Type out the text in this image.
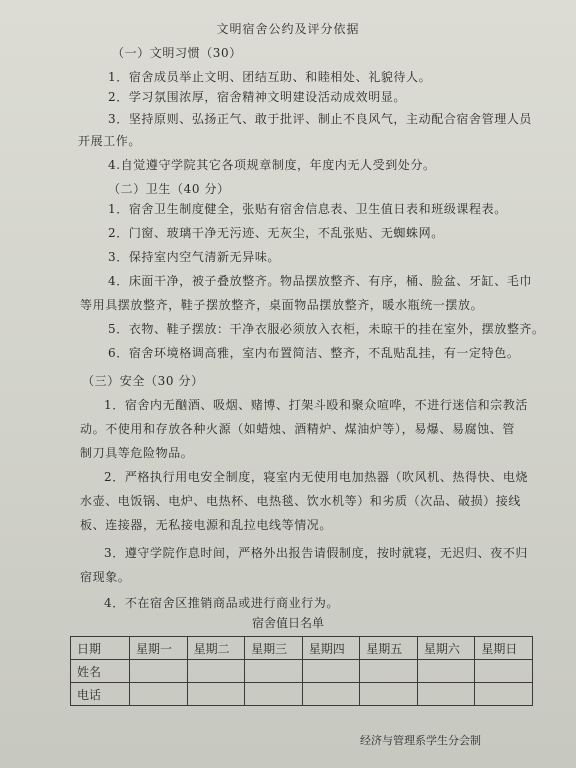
文明宿舍公约及评分依据
（一）文明习惯（30）
1．宿舍成员举止文明、团结互助、和睦相处、礼貌待人。
2．学习氛围浓厚，宿舍精神文明建设活动成效明显。
3．坚持原则、弘扬正气、敢于批评、制止不良风气，主动配合宿舍管理人员
开展工作。
4.自觉遵守学院其它各项规章制度，年度内无人受到处分。
（二）卫生（40 分）
1．宿舍卫生制度健全，张贴有宿舍信息表、卫生值日表和班级课程表。
2．门窗、玻璃干净无污迹、无灰尘，不乱张贴、无蜘蛛网。
3．保持室内空气清新无异味。
4．床面干净，被子叠放整齐。物品摆放整齐、有序，桶、脸盆、牙缸、毛巾
等用具摆放整齐，鞋子摆放整齐，桌面物品摆放整齐，暖水瓶统一摆放。
5．衣物、鞋子摆放：干净衣服必须放入衣柜，未晾干的挂在室外，摆放整齐。
6．宿舍环境格调高雅，室内布置简洁、整齐，不乱贴乱挂，有一定特色。
（三）安全（30 分）
1．宿舍内无酗酒、吸烟、赌博、打架斗殴和聚众喧哗，不进行迷信和宗教活
动。不使用和存放各种火源（如蜡烛、酒精炉、煤油炉等），易爆、易腐蚀、管
制刀具等危险物品。
2．严格执行用电安全制度，寝室内无使用电加热器（吹风机、热得快、电烧
水壶、电饭锅、电炉、电热杯、电热毯、饮水机等）和劣质（次品、破损）接线
板、连接器，无私接电源和乱拉电线等情况。
3．遵守学院作息时间，严格外出报告请假制度，按时就寝，无迟归、夜不归
宿现象。
4．不在宿舍区推销商品或进行商业行为。
宿舍值日名单
日期	星期一	星期二	星期三	星期四	星期五	星期六	星期日
姓名							
电话							
经济与管理系学生分会制
